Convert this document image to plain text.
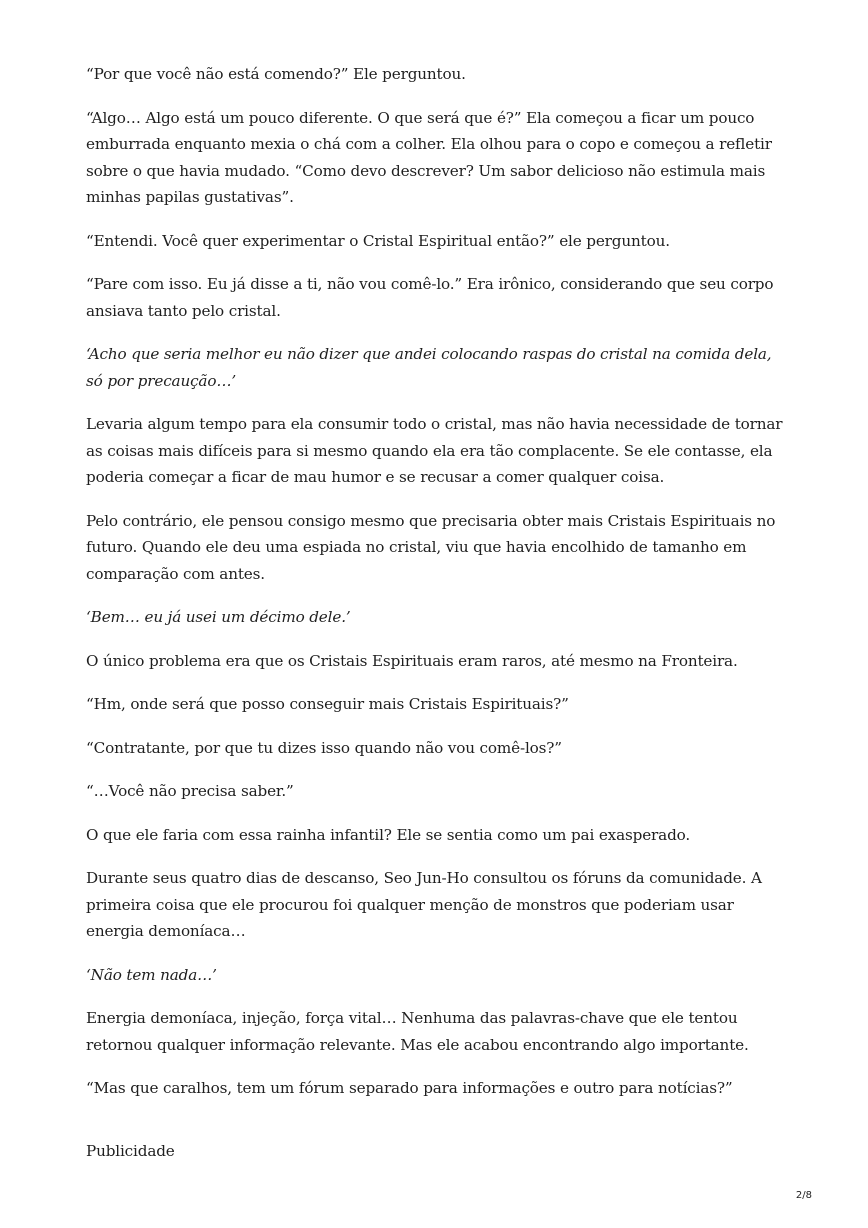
“Por que você não está comendo?” Ele perguntou.

“Algo… Algo está um pouco diferente. O que será que é?” Ela começou a ficar um pouco emburrada enquanto mexia o chá com a colher. Ela olhou para o copo e começou a refletir sobre o que havia mudado. “Como devo descrever? Um sabor delicioso não estimula mais minhas papilas gustativas”.

“Entendi. Você quer experimentar o Cristal Espiritual então?” ele perguntou.

“Pare com isso. Eu já disse a ti, não vou comê-lo.” Era irônico, considerando que seu corpo ansiava tanto pelo cristal.

‘Acho que seria melhor eu não dizer que andei colocando raspas do cristal na comida dela, só por precaução…’

Levaria algum tempo para ela consumir todo o cristal, mas não havia necessidade de tornar as coisas mais difíceis para si mesmo quando ela era tão complacente. Se ele contasse, ela poderia começar a ficar de mau humor e se recusar a comer qualquer coisa.

Pelo contrário, ele pensou consigo mesmo que precisaria obter mais Cristais Espirituais no futuro. Quando ele deu uma espiada no cristal, viu que havia encolhido de tamanho em comparação com antes.

‘Bem… eu já usei um décimo dele.’

O único problema era que os Cristais Espirituais eram raros, até mesmo na Fronteira.

“Hm, onde será que posso conseguir mais Cristais Espirituais?”

“Contratante, por que tu dizes isso quando não vou comê-los?”

“…Você não precisa saber.”

O que ele faria com essa rainha infantil? Ele se sentia como um pai exasperado.

Durante seus quatro dias de descanso, Seo Jun-Ho consultou os fóruns da comunidade. A primeira coisa que ele procurou foi qualquer menção de monstros que poderiam usar energia demoníaca…

‘Não tem nada…’

Energia demoníaca, injeção, força vital… Nenhuma das palavras-chave que ele tentou retornou qualquer informação relevante. Mas ele acabou encontrando algo importante.

“Mas que caralhos, tem um fórum separado para informações e outro para notícias?”

Publicidade

2/8
